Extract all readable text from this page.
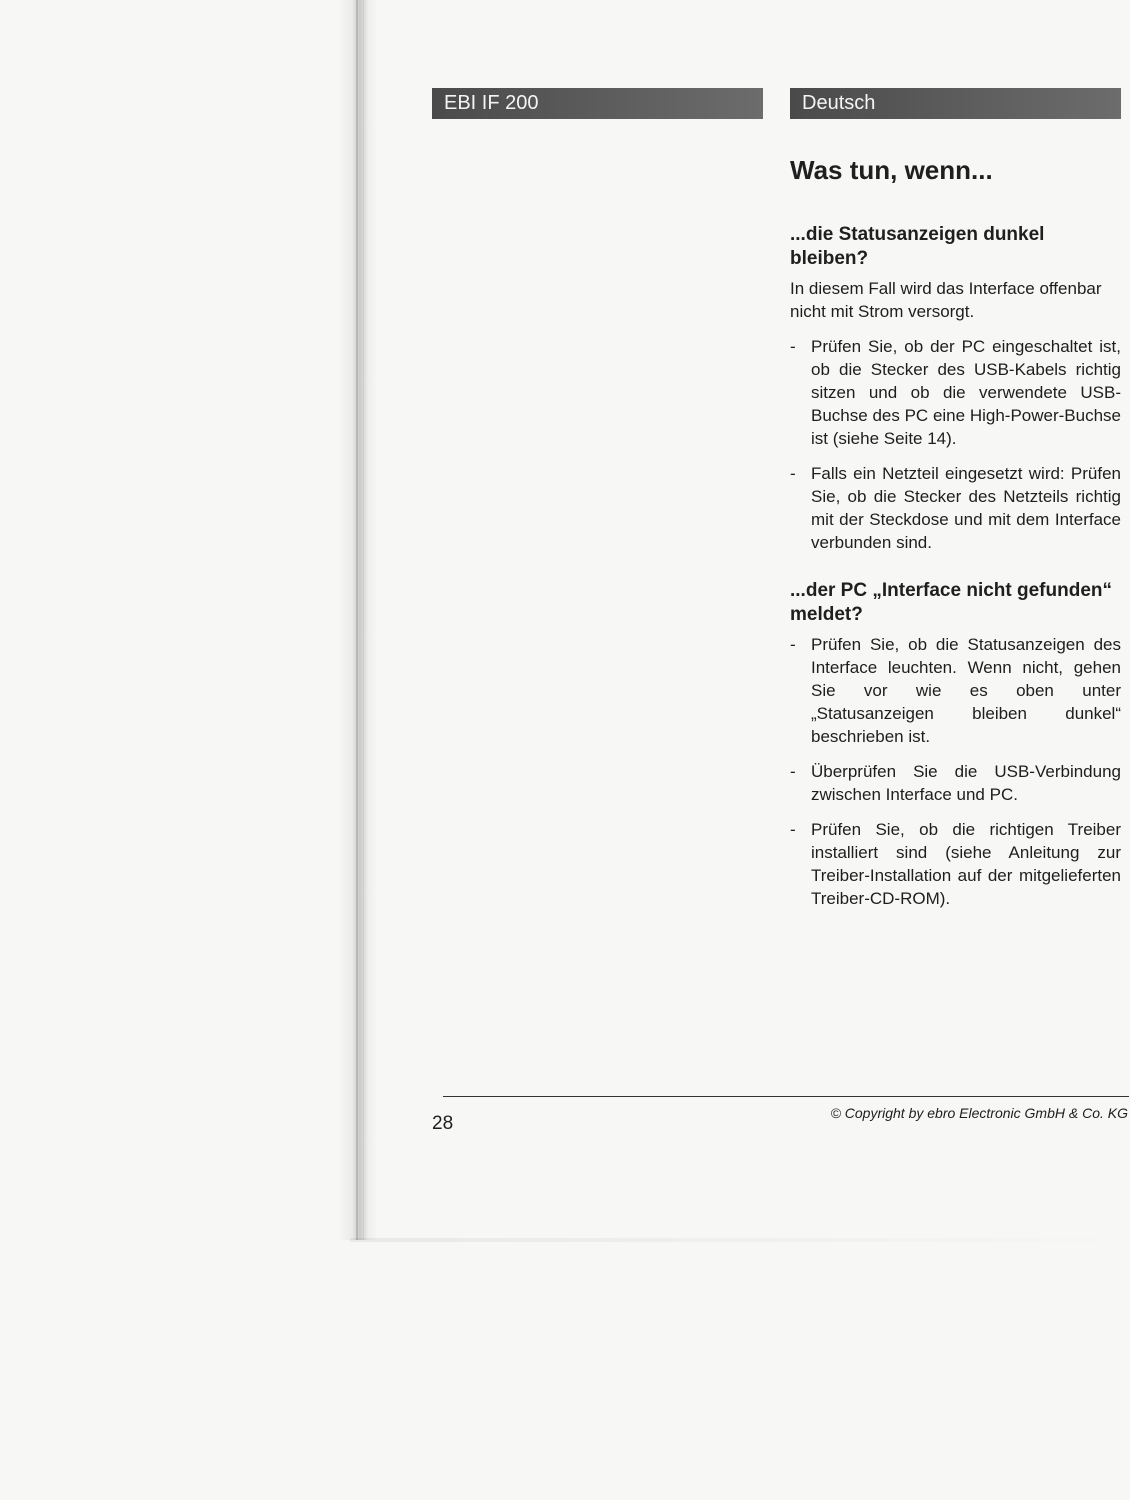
EBI IF 200	Deutsch
Was tun, wenn...
...die Statusanzeigen dunkel bleiben?

In diesem Fall wird das Interface offenbar nicht mit Strom versorgt.

- Prüfen Sie, ob der PC eingeschaltet ist, ob die Stecker des USB-Kabels richtig sitzen und ob die verwendete USB-Buchse des PC eine High-Power-Buchse ist (siehe Seite 14).
- Falls ein Netzteil eingesetzt wird: Prüfen Sie, ob die Stecker des Netzteils richtig mit der Steckdose und mit dem Interface verbunden sind.
...der PC „Interface nicht gefunden“ meldet?
- Prüfen Sie, ob die Statusanzeigen des Interface leuchten. Wenn nicht, gehen Sie vor wie es oben unter „Statusanzeigen bleiben dunkel“ beschrieben ist.
- Überprüfen Sie die USB-Verbindung zwischen Interface und PC.
- Prüfen Sie, ob die richtigen Treiber installiert sind (siehe Anleitung zur Treiber-Installation auf der mitgelieferten Treiber-CD-ROM).
28	© Copyright by ebro Electronic GmbH & Co. KG
